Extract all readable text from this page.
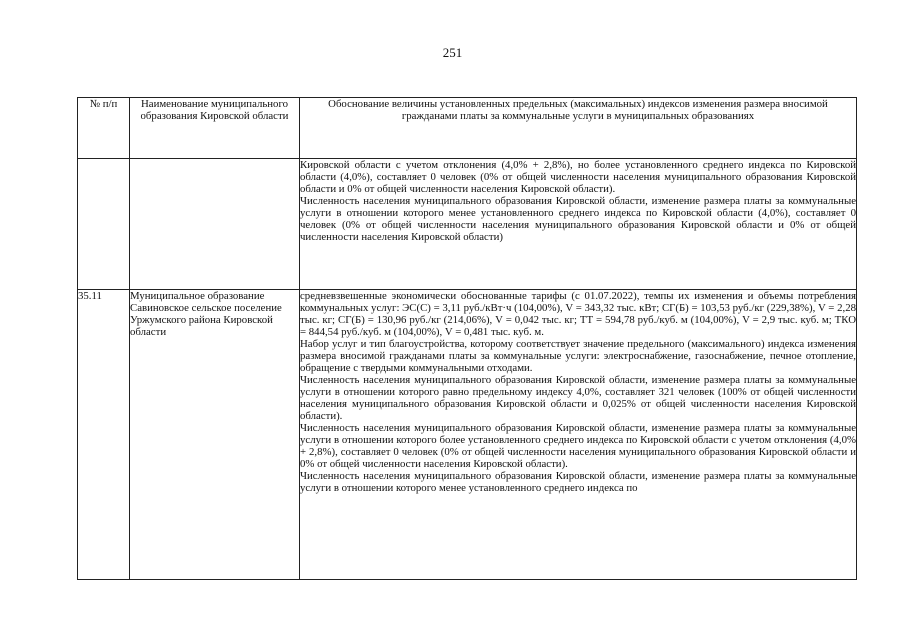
251
№ п/п	Наименование муниципального образования Кировской области	Обоснование величины установленных предельных (максимальных) индексов изменения размера вносимой гражданами платы за коммунальные услуги в муниципальных образованиях

		Кировской области с учетом отклонения (4,0% + 2,8%), но более установленного среднего индекса по Кировской области (4,0%), составляет 0 человек (0% от общей численности населения муниципального образования Кировской области и 0% от общей численности населения Кировской области).

Численность населения муниципального образования Кировской области, изменение размера платы за коммунальные услуги в отношении которого менее установленного среднего индекса по Кировской области (4,0%), составляет 0 человек (0% от общей численности населения муниципального образования Кировской области и 0% от общей численности населения Кировской области)

35.11	Муниципальное образование Савиновское сельское поселение Уржумского района Кировской области	средневзвешенные экономически обоснованные тарифы (с 01.07.2022), темпы их изменения и объемы потребления коммунальных услуг: ЭС(С) = 3,11 руб./кВт·ч (104,00%), V = 343,32 тыс. кВт; СГ(Б) = 103,53 руб./кг (229,38%), V = 2,28 тыс. кг; СГ(Б) = 130,96 руб./кг (214,06%), V = 0,042 тыс. кг; ТТ = 594,78 руб./куб. м (104,00%), V = 2,9 тыс. куб. м; ТКО = 844,54 руб./куб. м (104,00%), V = 0,481 тыс. куб. м.

Набор услуг и тип благоустройства, которому соответствует значение предельного (максимального) индекса изменения размера вносимой гражданами платы за коммунальные услуги: электроснабжение, газоснабжение, печное отопление, обращение с твердыми коммунальными отходами.

Численность населения муниципального образования Кировской области, изменение размера платы за коммунальные услуги в отношении которого равно предельному индексу 4,0%, составляет 321 человек (100% от общей численности населения муниципального образования Кировской области и 0,025% от общей численности населения Кировской области).

Численность населения муниципального образования Кировской области, изменение размера платы за коммунальные услуги в отношении которого более установленного среднего индекса по Кировской области с учетом отклонения (4,0% + 2,8%), составляет 0 человек (0% от общей численности населения муниципального образования Кировской области и 0% от общей численности населения Кировской области).

Численность населения муниципального образования Кировской области, изменение размера платы за коммунальные услуги в отношении которого менее установленного среднего индекса по
